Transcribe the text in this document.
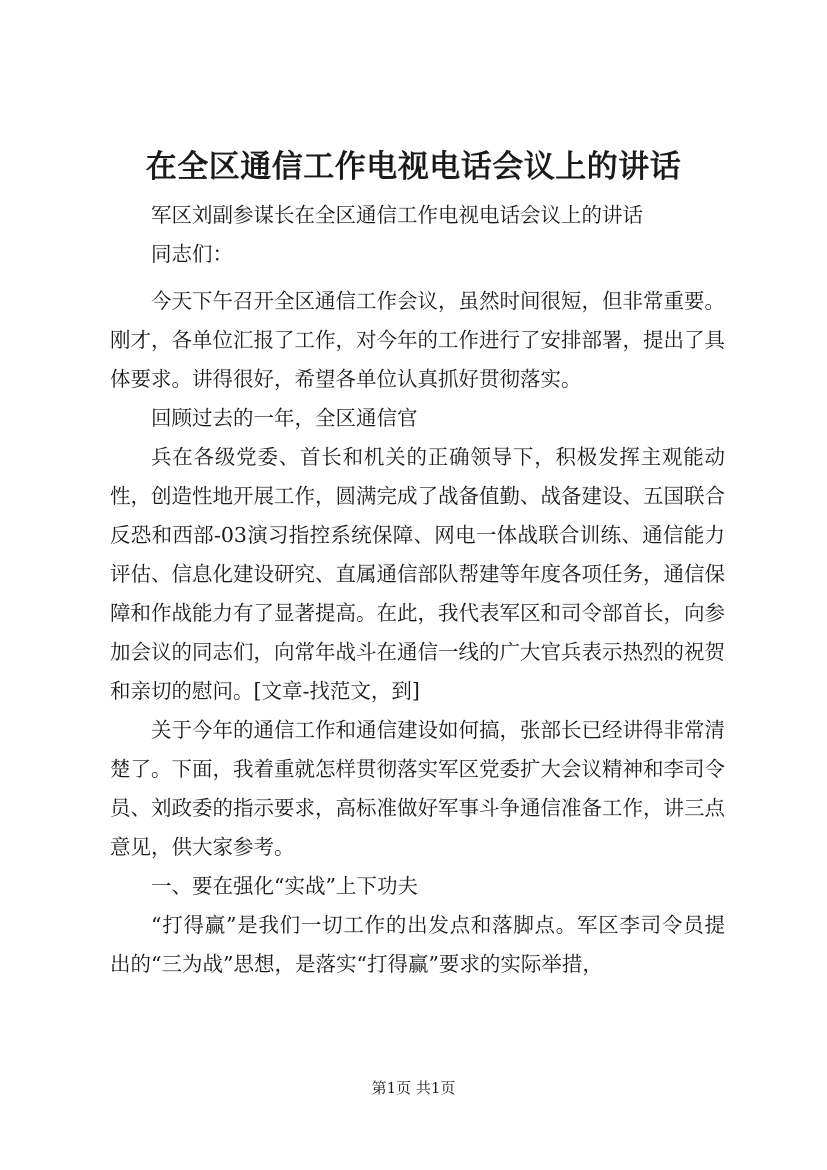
在全区通信工作电视电话会议上的讲话

军区刘副参谋长在全区通信工作电视电话会议上的讲话

同志们：

今天下午召开全区通信工作会议，虽然时间很短，但非常重要。刚才，各单位汇报了工作，对今年的工作进行了安排部署，提出了具体要求。讲得很好，希望各单位认真抓好贯彻落实。

回顾过去的一年，全区通信官

兵在各级党委、首长和机关的正确领导下，积极发挥主观能动性，创造性地开展工作，圆满完成了战备值勤、战备建设、五国联合反恐和西部-03演习指控系统保障、网电一体战联合训练、通信能力评估、信息化建设研究、直属通信部队帮建等年度各项任务，通信保障和作战能力有了显著提高。在此，我代表军区和司令部首长，向参加会议的同志们，向常年战斗在通信一线的广大官兵表示热烈的祝贺和亲切的慰问。[文章-找范文，到]

关于今年的通信工作和通信建设如何搞，张部长已经讲得非常清楚了。下面，我着重就怎样贯彻落实军区党委扩大会议精神和李司令员、刘政委的指示要求，高标准做好军事斗争通信准备工作，讲三点意见，供大家参考。

一、要在强化“实战”上下功夫

“打得赢”是我们一切工作的出发点和落脚点。军区李司令员提出的“三为战”思想，是落实“打得赢”要求的实际举措，

第1页 共1页
